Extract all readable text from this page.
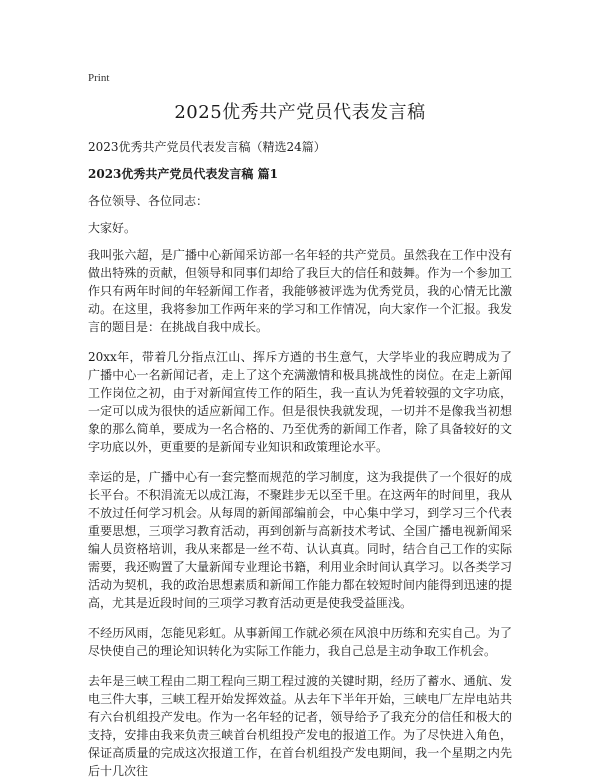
Print
2025优秀共产党员代表发言稿

2023优秀共产党员代表发言稿（精选24篇）

2023优秀共产党员代表发言稿 篇1

各位领导、各位同志：

大家好。

我叫张六超，是广播中心新闻采访部一名年轻的共产党员。虽然我在工作中没有做出特殊的贡献，但领导和同事们却给了我巨大的信任和鼓舞。作为一个参加工作只有两年时间的年轻新闻工作者，我能够被评选为优秀党员，我的心情无比激动。在这里，我将参加工作两年来的学习和工作情况，向大家作一个汇报。我发言的题目是：在挑战自我中成长。

20xx年，带着几分指点江山、挥斥方遒的书生意气，大学毕业的我应聘成为了广播中心一名新闻记者，走上了这个充满激情和极具挑战性的岗位。在走上新闻工作岗位之初，由于对新闻宣传工作的陌生，我一直认为凭着较强的文字功底，一定可以成为很快的适应新闻工作。但是很快我就发现，一切并不是像我当初想象的那么简单，要成为一名合格的、乃至优秀的新闻工作者，除了具备较好的文字功底以外，更重要的是新闻专业知识和政策理论水平。

幸运的是，广播中心有一套完整而规范的学习制度，这为我提供了一个很好的成长平台。不积涓流无以成江海，不聚跬步无以至千里。在这两年的时间里，我从不放过任何学习机会。从每周的新闻部编前会，中心集中学习，到学习三个代表重要思想，三项学习教育活动，再到创新与高新技术考试、全国广播电视新闻采编人员资格培训，我从来都是一丝不苟、认认真真。同时，结合自己工作的实际需要，我还购置了大量新闻专业理论书籍，利用业余时间认真学习。以各类学习活动为契机，我的政治思想素质和新闻工作能力都在较短时间内能得到迅速的提高，尤其是近段时间的三项学习教育活动更是使我受益匪浅。

不经历风雨，怎能见彩虹。从事新闻工作就必须在风浪中历练和充实自己。为了尽快使自己的理论知识转化为实际工作能力，我自己总是主动争取工作机会。

去年是三峡工程由二期工程向三期工程过渡的关键时期，经历了蓄水、通航、发电三件大事，三峡工程开始发挥效益。从去年下半年开始，三峡电厂左岸电站共有六台机组投产发电。作为一名年轻的记者，领导给予了我充分的信任和极大的支持，安排由我来负责三峡首台机组投产发电的报道工作。为了尽快进入角色，保证高质量的完成这次报道工作，在首台机组投产发电期间，我一个星期之内先后十几次往
